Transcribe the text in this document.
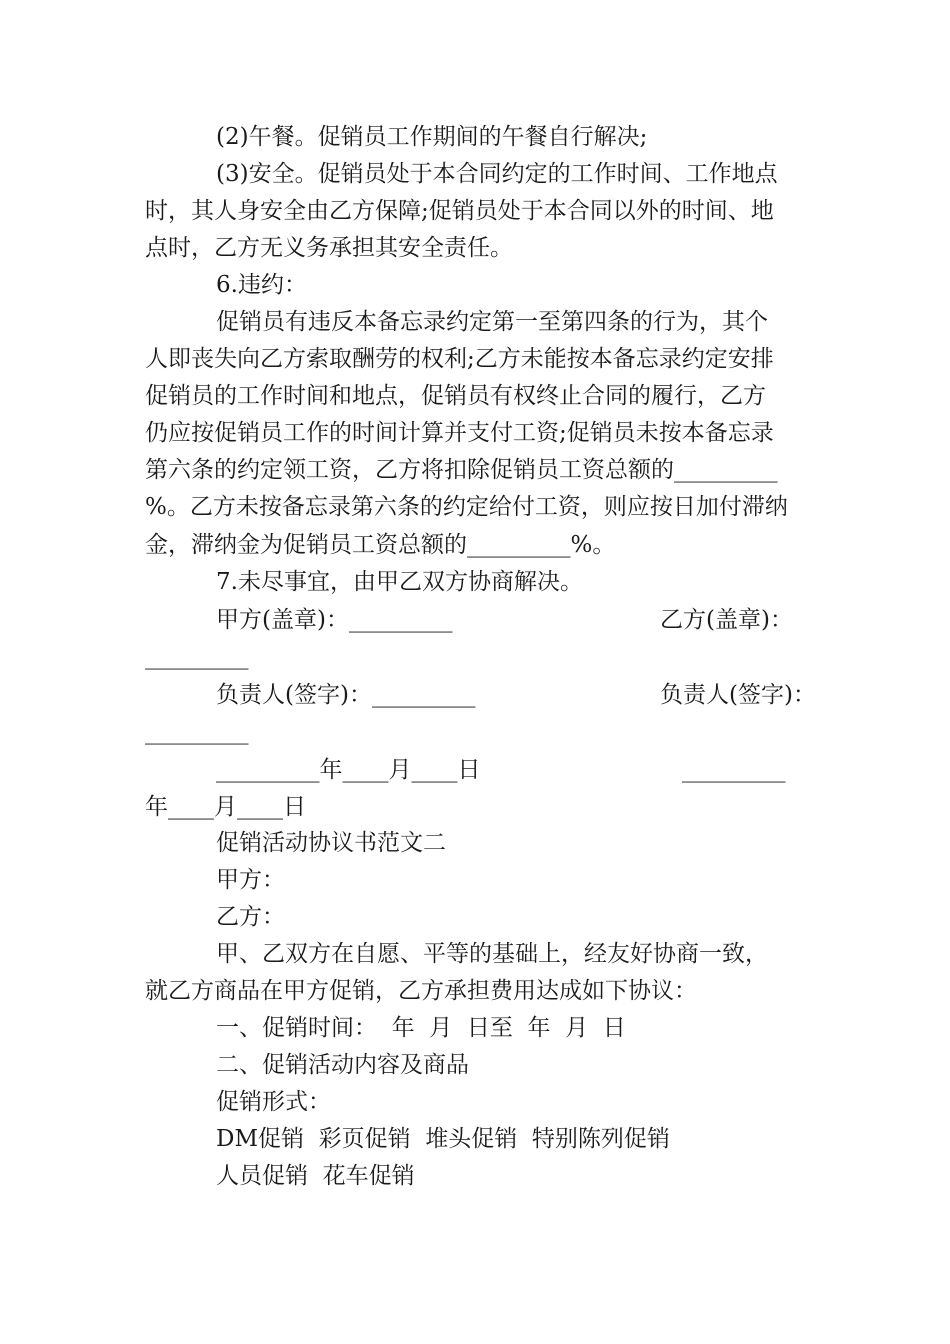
(2)午餐。促销员工作期间的午餐自行解决;
(3)安全。促销员处于本合同约定的工作时间、工作地点
时，其人身安全由乙方保障;促销员处于本合同以外的时间、地
点时，乙方无义务承担其安全责任。
6.违约：
促销员有违反本备忘录约定第一至第四条的行为，其个
人即丧失向乙方索取酬劳的权利;乙方未能按本备忘录约定安排
促销员的工作时间和地点，促销员有权终止合同的履行，乙方
仍应按促销员工作的时间计算并支付工资;促销员未按本备忘录
第六条的约定领工资，乙方将扣除促销员工资总额的_________
%。乙方未按备忘录第六条的约定给付工资，则应按日加付滞纳
金，滞纳金为促销员工资总额的_________%。
7.未尽事宜，由甲乙双方协商解决。
甲方(盖章)：_________	乙方(盖章)：
_________
负责人(签字)：_________	负责人(签字)：
_________
_________年____月____日	_________
年____月____日
促销活动协议书范文二
甲方：
乙方：
甲、乙双方在自愿、平等的基础上，经友好协商一致，
就乙方商品在甲方促销，乙方承担费用达成如下协议：
一、促销时间：  年  月  日至  年  月  日
二、促销活动内容及商品
促销形式：
DM促销  彩页促销  堆头促销  特别陈列促销
人员促销  花车促销
